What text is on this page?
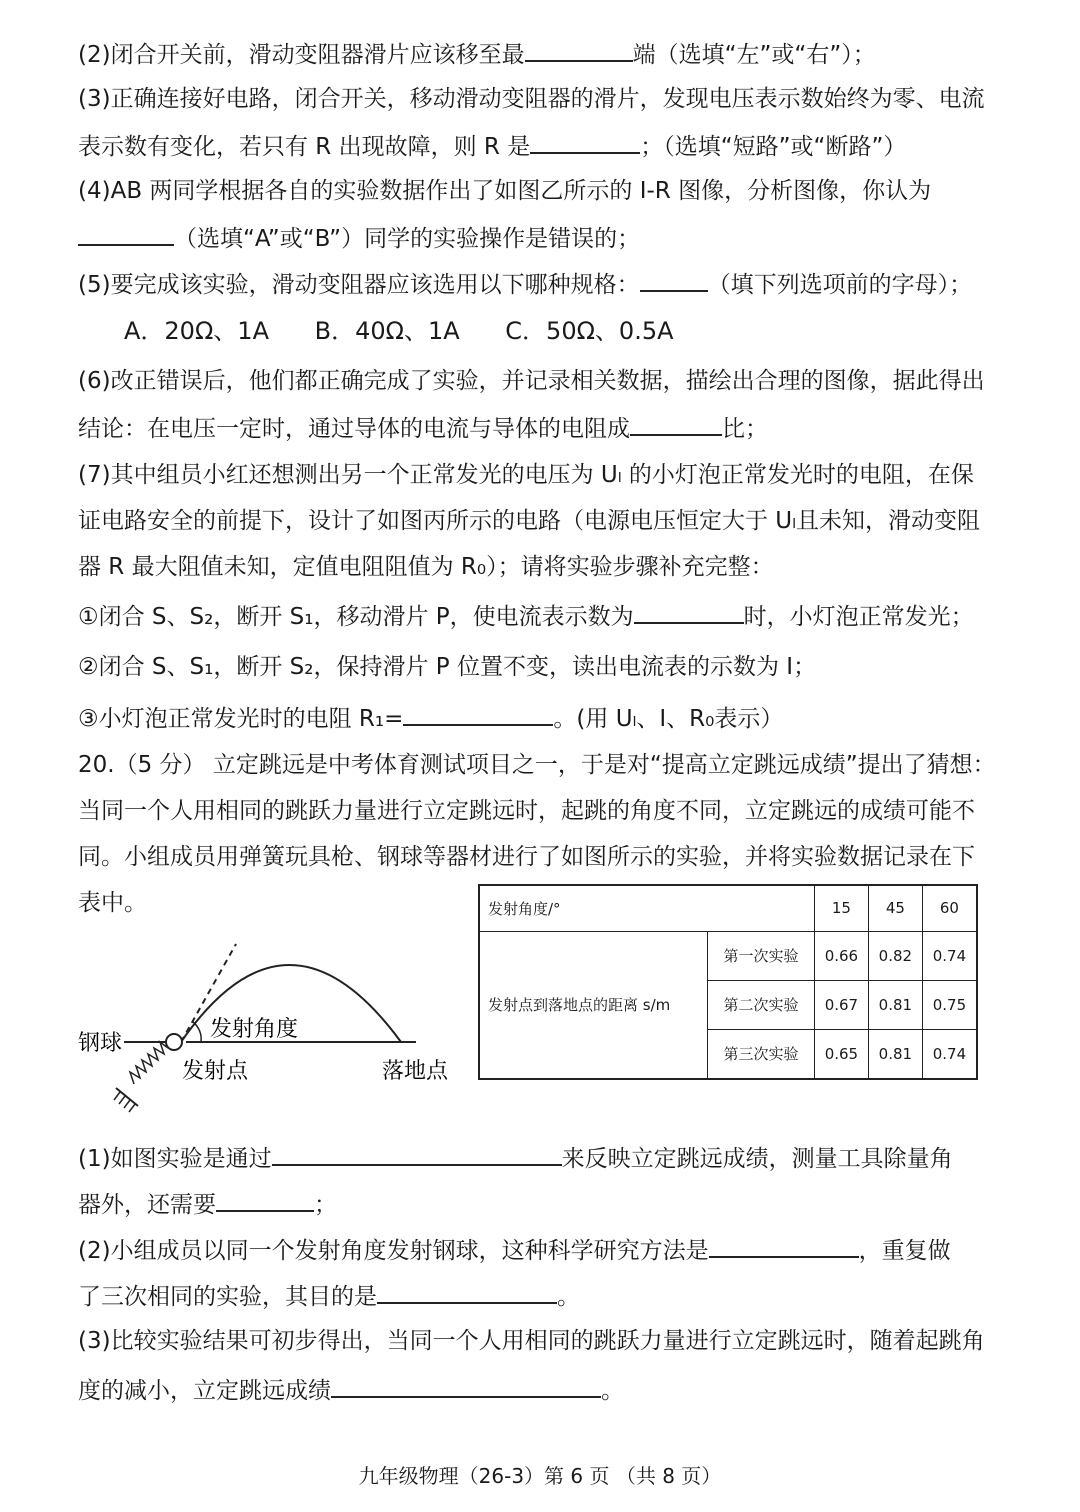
(2)闭合开关前，滑动变阻器滑片应该移至最	端（选填“左”或“右”）；
(3)正确连接好电路，闭合开关，移动滑动变阻器的滑片，发现电压表示数始终为零、电流
表示数有变化，若只有 R 出现故障，则 R 是	；（选填“短路”或“断路”）
(4)AB 两同学根据各自的实验数据作出了如图乙所示的 I-R 图像，分析图像，你认为
（选填“A”或“B”）同学的实验操作是错误的；
(5)要完成该实验，滑动变阻器应该选用以下哪种规格：	（填下列选项前的字母）；
A．20Ω、1A B．40Ω、1A C．50Ω、0.5A
(6)改正错误后，他们都正确完成了实验，并记录相关数据，描绘出合理的图像，据此得出
结论：在电压一定时，通过导体的电流与导体的电阻成	比；
(7)其中组员小红还想测出另一个正常发光的电压为 Uₗ 的小灯泡正常发光时的电阻，在保
证电路安全的前提下，设计了如图丙所示的电路（电源电压恒定大于 Uₗ且未知，滑动变阻
器 R 最大阻值未知，定值电阻阻值为 R₀）；请将实验步骤补充完整：
①闭合 S、S₂，断开 S₁，移动滑片 P，使电流表示数为	时，小灯泡正常发光；
②闭合 S、S₁，断开 S₂，保持滑片 P 位置不变，读出电流表的示数为 I；
③小灯泡正常发光时的电阻 R₁=	。(用 Uₗ、I、R₀表示）
20.（5 分） 立定跳远是中考体育测试项目之一，于是对“提高立定跳远成绩”提出了猜想：
当同一个人用相同的跳跃力量进行立定跳远时，起跳的角度不同，立定跳远的成绩可能不
同。小组成员用弹簧玩具枪、钢球等器材进行了如图所示的实验，并将实验数据记录在下
表中。
钢球
发射角度
发射点	落地点
发射角度/°		15	45	60
发射点到落地点的距离 s/m	第一次实验	0.66	0.82	0.74
	第二次实验	0.67	0.81	0.75
	第三次实验	0.65	0.81	0.74
(1)如图实验是通过	来反映立定跳远成绩，测量工具除量角
器外，还需要	；
(2)小组成员以同一个发射角度发射钢球，这种科学研究方法是	，重复做
了三次相同的实验，其目的是	。
(3)比较实验结果可初步得出，当同一个人用相同的跳跃力量进行立定跳远时，随着起跳角
度的减小，立定跳远成绩	。
九年级物理（26-3）第 6 页 （共 8 页）
